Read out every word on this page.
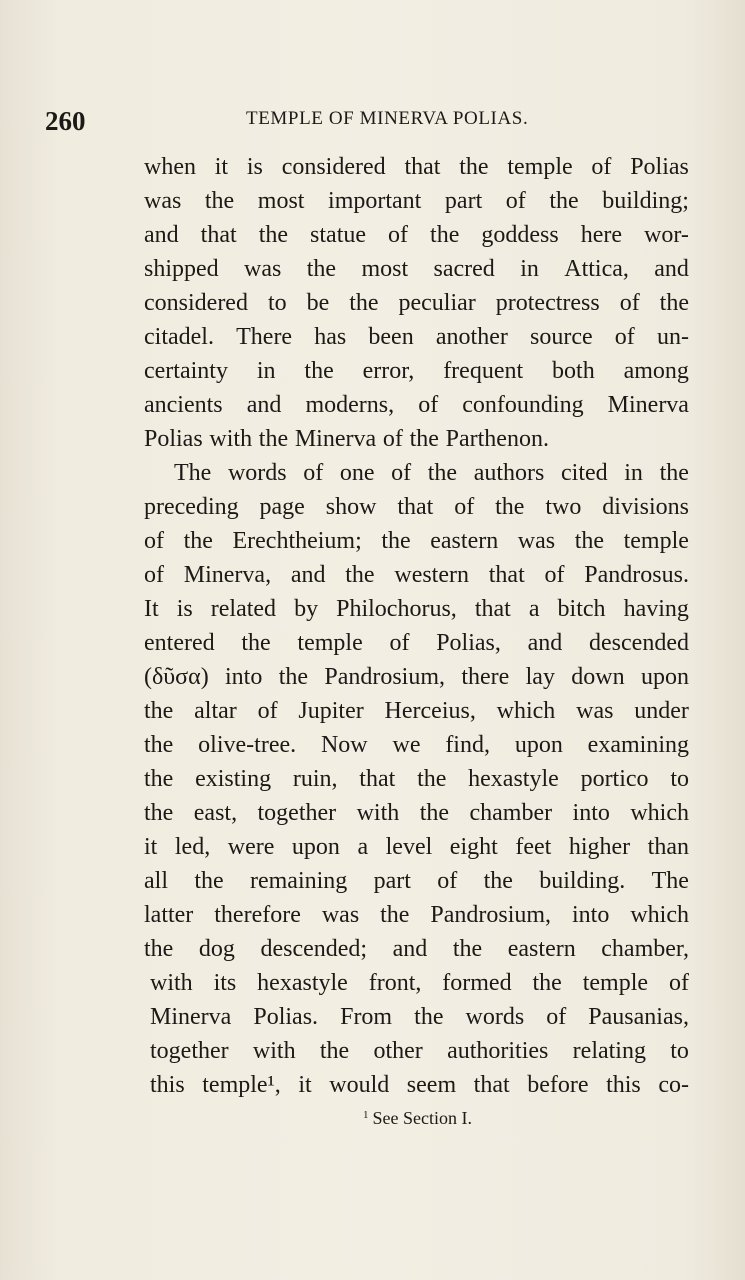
260	TEMPLE OF MINERVA POLIAS.
when it is considered that the temple of Polias
was the most important part of the building;
and that the statue of the goddess here wor-
shipped was the most sacred in Attica, and
considered to be the peculiar protectress of the
citadel. There has been another source of un-
certainty in the error, frequent both among
ancients and moderns, of confounding Minerva
Polias with the Minerva of the Parthenon.
The words of one of the authors cited in the
preceding page show that of the two divisions
of the Erechtheium; the eastern was the temple
of Minerva, and the western that of Pandrosus.
It is related by Philochorus, that a bitch having
entered the temple of Polias, and descended
(δῦσα) into the Pandrosium, there lay down upon
the altar of Jupiter Herceius, which was under
the olive-tree. Now we find, upon examining
the existing ruin, that the hexastyle portico to
the east, together with the chamber into which
it led, were upon a level eight feet higher than
all the remaining part of the building. The
latter therefore was the Pandrosium, into which
the dog descended; and the eastern chamber,
with its hexastyle front, formed the temple of
Minerva Polias. From the words of Pausanias,
together with the other authorities relating to
this temple¹, it would seem that before this co-
$^1$ See Section I.
